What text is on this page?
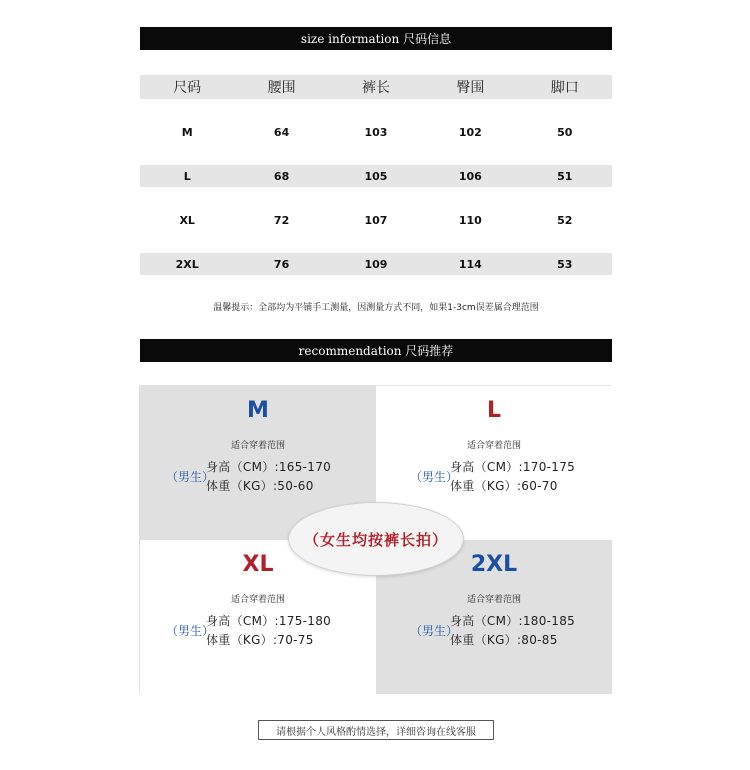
size information 尺码信息
尺码	腰围	裤长	臀围	脚口

M	64	103	102	50

L	68	105	106	51

XL	72	107	110	52

2XL	76	109	114	53
温馨提示：全部均为平铺手工测量，因测量方式不同，如果1-3cm误差属合理范围
recommendation 尺码推荐
M
适合穿着范围
（男生）
身高（CM）:165-170
体重（KG）:50-60
L
适合穿着范围
（男生）
身高（CM）:170-175
体重（KG）:60-70
XL
适合穿着范围
（男生）
身高（CM）:175-180
体重（KG）:70-75
2XL
适合穿着范围
（男生）
身高（CM）:180-185
体重（KG）:80-85
（女生均按裤长拍）
请根据个人风格酌情选择，详细咨询在线客服
